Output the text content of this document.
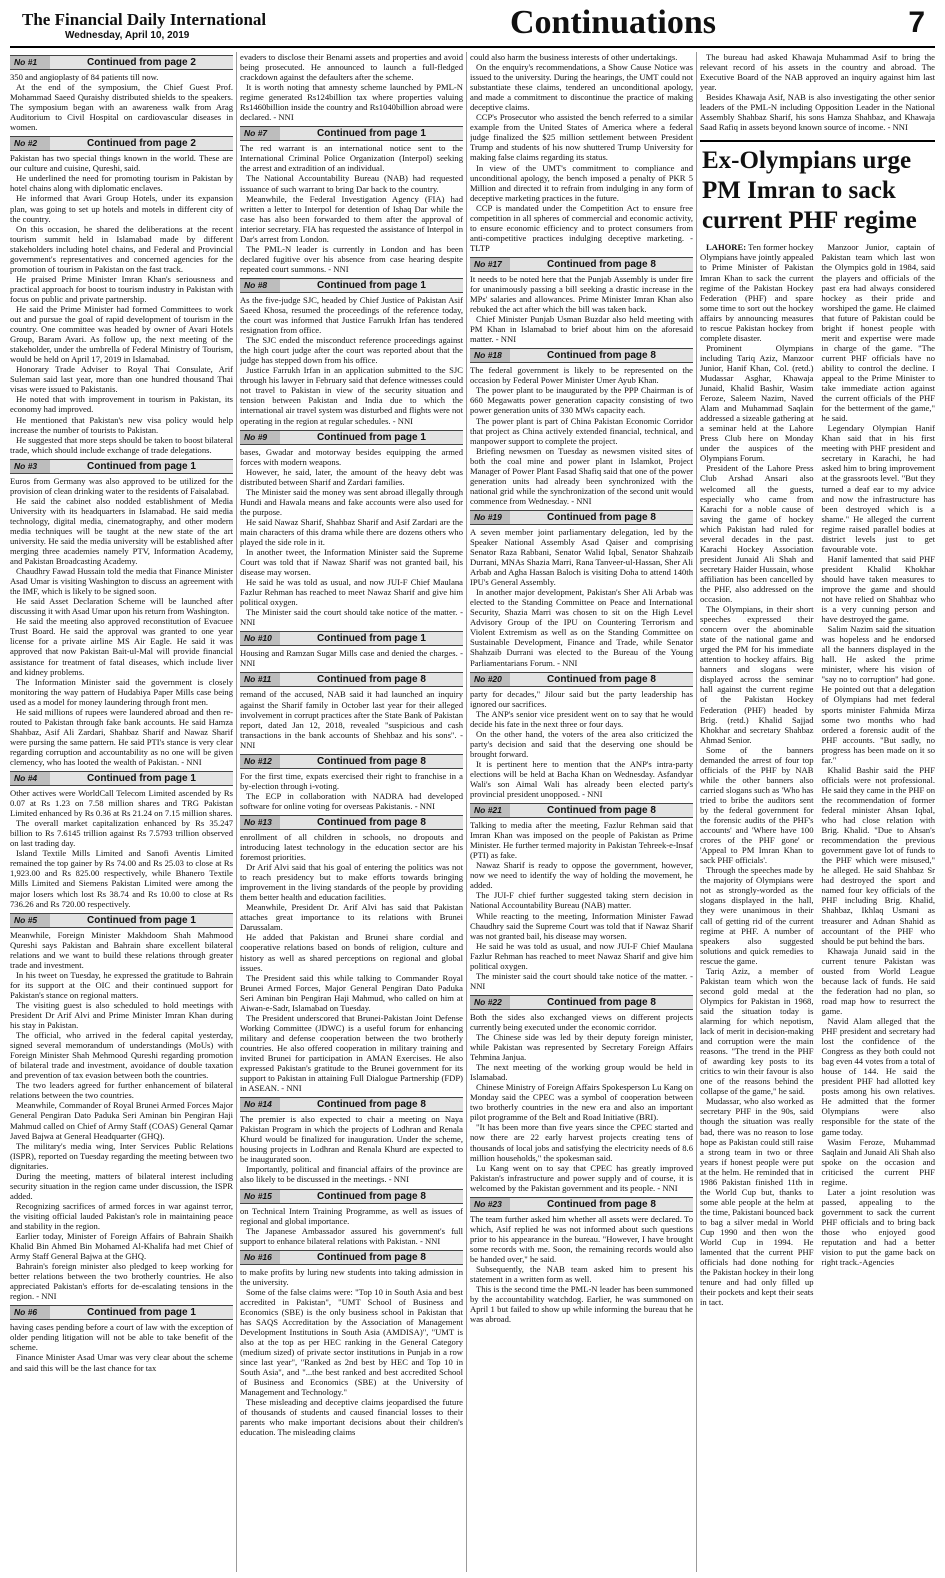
The Financial Daily International
Wednesday, April 10, 2019	Continuations	7
No #1	Continued from page 2

350 and angioplasty of 84 patients till now.

At the end of the symposium, the Chief Guest Prof. Mohammad Saeed Quraishy distributed shields to the speakers. The symposium began with an awareness walk from Arag Auditorium to Civil Hospital on cardiovascular diseases in women.

No #2	Continued from page 2

Pakistan has two special things known in the world. These are our culture and cuisine, Qureshi, said.

He underlined the need for promoting tourism in Pakistan by hotel chains along with diplomatic enclaves.

He informed that Avari Group Hotels, under its expansion plan, was going to set up hotels and motels in different city of the country.

On this occasion, he shared the deliberations at the recent tourism summit held in Islamabad made by different stakeholders including hotel chains, and Federal and Provincial government's representatives and concerned agencies for the promotion of tourism in Pakistan on the fast track.

He praised Prime Minister Imran Khan's seriousness and practical approach for boost to tourism industry in Pakistan with focus on public and private partnership.

He said the Prime Minister had formed Committees to work out and pursue the goal of rapid development of tourism in the country. One committee was headed by owner of Avari Hotels Group, Baram Avari. As follow up, the next meeting of the stakeholder, under the umbrella of Federal Ministry of Tourism, would be held on April 17, 2019 in Islamabad.

Honorary Trade Adviser to Royal Thai Consulate, Arif Suleman said last year, more than one hundred thousand Thai visas were issued to Pakistanis.

He noted that with improvement in tourism in Pakistan, its economy had improved.

He mentioned that Pakistan's new visa policy would help increase the number of tourists to Pakistan.

He suggested that more steps should be taken to boost bilateral trade, which should include exchange of trade delegations.

No #3	Continued from page 1

Euros from Germany was also approved to be utilized for the provision of clean drinking water to the residents of Faisalabad.

He said the cabinet also nodded establishment of Media University with its headquarters in Islamabad. He said media technology, digital media, cinematography, and other modern media techniques will be taught at the new state of the art university. He said the media university will be established after merging three academies namely PTV, Information Academy, and Pakistan Broadcasting Academy.

Chaudhry Fawad Hussain told the media that Finance Minister Asad Umar is visiting Washington to discuss an agreement with the IMF, which is likely to be signed soon.

He said Asset Declaration Scheme will be launched after discussing it with Asad Umar upon his return from Washington.

He said the meeting also approved reconstitution of Evacuee Trust Board. He said the approval was granted to one year license for a private airline MS Air Eagle. He said it was approved that now Pakistan Bait-ul-Mal will provide financial assistance for treatment of fatal diseases, which include liver and kidney problems.

The Information Minister said the government is closely monitoring the way pattern of Hudabiya Paper Mills case being used as a model for money laundering through front men.

He said millions of rupees were laundered abroad and then re-routed to Pakistan through fake bank accounts. He said Hamza Shahbaz, Asif Ali Zardari, Shahbaz Sharif and Nawaz Sharif were pursing the same pattern. He said PTI's stance is very clear regarding corruption and accountability as no one will be given clemency, who has looted the wealth of Pakistan. - NNI

No #4	Continued from page 1

Other actives were WorldCall Telecom Limited ascended by Rs 0.07 at Rs 1.23 on 7.58 million shares and TRG Pakistan Limited enhanced by Rs 0.36 at Rs 21.24 on 7.15 million shares.

The overall market capitalization enhanced by Rs 35.247 billion to Rs 7.6145 trillion against Rs 7.5793 trillion observed on last trading day.

Island Textile Mills Limited and Sanofi Aventis Limited remained the top gainer by Rs 74.00 and Rs 25.03 to close at Rs 1,923.00 and Rs 825.00 respectively, while Bhanero Textile Mills Limited and Siemens Pakistan Limited were among the major losers which lost Rs 38.74 and Rs 10.00 to close at Rs 736.26 and Rs 720.00 respectively.

No #5	Continued from page 1

Meanwhile, Foreign Minister Makhdoom Shah Mahmood Qureshi says Pakistan and Bahrain share excellent bilateral relations and we want to build these relations through greater trade and investment.

In his tweet on Tuesday, he expressed the gratitude to Bahrain for its support at the OIC and their continued support for Pakistan's stance on regional matters.

The visiting guest is also scheduled to hold meetings with President Dr Arif Alvi and Prime Minister Imran Khan during his stay in Pakistan.

The official, who arrived in the federal capital yesterday, signed several memorandum of understandings (MoUs) with Foreign Minister Shah Mehmood Qureshi regarding promotion of bilateral trade and investment, avoidance of double taxation and prevention of tax evasion between both the countries.

The two leaders agreed for further enhancement of bilateral relations between the two countries.

Meanwhile, Commander of Royal Brunei Armed Forces Major General Pengiran Dato Paduka Seri Aminan bin Pengiran Haji Mahmud called on Chief of Army Staff (COAS) General Qamar Javed Bajwa at General Headquarter (GHQ).

The military's media wing, Inter Services Public Relations (ISPR), reported on Tuesday regarding the meeting between two dignitaries.

During the meeting, matters of bilateral interest including security situation in the region came under discussion, the ISPR added.

Recognizing sacrifices of armed forces in war against terror, the visiting official lauded Pakistan's role in maintaining peace and stability in the region.

Earlier today, Minister of Foreign Affairs of Bahrain Shaikh Khalid Bin Ahmed Bin Mohamed Al-Khalifa had met Chief of Army Staff General Bajwa at the GHQ.

Bahrain's foreign minister also pledged to keep working for better relations between the two brotherly countries. He also appreciated Pakistan's efforts for de-escalating tensions in the region. - NNI

No #6	Continued from page 1

having cases pending before a court of law with the exception of older pending litigation will not be able to take benefit of the scheme.

Finance Minister Asad Umar was very clear about the scheme and said this will be the last chance for tax

evaders to disclose their Benami assets and properties and avoid being prosecuted. He announced to launch a full-fledged crackdown against the defaulters after the scheme.

It is worth noting that amnesty scheme launched by PML-N regime generated Rs124billion tax where properties valuing Rs1460billion inside the country and Rs1040billion abroad were declared. - NNI

No #7	Continued from page 1

The red warrant is an international notice sent to the International Criminal Police Organization (Interpol) seeking the arrest and extradition of an individual.

The National Accountability Bureau (NAB) had requested issuance of such warrant to bring Dar back to the country.

Meanwhile, the Federal Investigation Agency (FIA) had written a letter to Interpol for detention of Ishaq Dar while the case has also been forwarded to them after the approval of interior secretary. FIA has requested the assistance of Interpol in Dar's arrest from London.

The PML-N leader is currently in London and has been declared fugitive over his absence from case hearing despite repeated court summons. - NNI

No #8	Continued from page 1

As the five-judge SJC, headed by Chief Justice of Pakistan Asif Saeed Khosa, resumed the proceedings of the reference today, the court was informed that Justice Farrukh Irfan has tendered resignation from office.

The SJC ended the misconduct reference proceedings against the high court judge after the court was reported about that the judge has stepped down from his office.

Justice Farrukh Irfan in an application submitted to the SJC through his lawyer in February said that defence witnesses could not travel to Pakistan in view of the security situation and tension between Pakistan and India due to which the international air travel system was disturbed and flights were not operating in the region at regular schedules. - NNI

No #9	Continued from page 1

bases, Gwadar and motorway besides equipping the armed forces with modern weapons.

However, he said, later, the amount of the heavy debt was distributed between Sharif and Zardari families.

The Minister said the money was sent abroad illegally through Hundi and Hawala means and fake accounts were also used for the purpose.

He said Nawaz Sharif, Shahbaz Sharif and Asif Zardari are the main characters of this drama while there are dozens others who played the side role in it.

In another tweet, the Information Minister said the Supreme Court was told that if Nawaz Sharif was not granted bail, his disease may worsen.

He said he was told as usual, and now JUI-F Chief Maulana Fazlur Rehman has reached to meet Nawaz Sharif and give him political oxygen.

The Minister said the court should take notice of the matter. - NNI

No #10	Continued from page 1

Housing and Ramzan Sugar Mills case and denied the charges. - NNI

No #11	Continued from page 8

remand of the accused, NAB said it had launched an inquiry against the Sharif family in October last year for their alleged involvement in corrupt practices after the State Bank of Pakistan report, dated Jan 12, 2018, revealed "suspicious and cash transactions in the bank accounts of Shehbaz and his sons". - NNI

No #12	Continued from page 8

For the first time, expats exercised their right to franchise in a by-election through i-voting.

The ECP in collaboration with NADRA had developed software for online voting for overseas Pakistanis. - NNI

No #13	Continued from page 8

enrollment of all children in schools, no dropouts and introducing latest technology in the education sector are his foremost priorities.

Dr Arif Alvi said that his goal of entering the politics was not to reach presidency but to make efforts towards bringing improvement in the living standards of the people by providing them better health and education facilities.

Meanwhile, President Dr. Arif Alvi has said that Pakistan attaches great importance to its relations with Brunei Darussalam.

He added that Pakistan and Brunei share cordial and cooperative relations based on bonds of religion, culture and history as well as shared perceptions on regional and global issues.

The President said this while talking to Commander Royal Brunei Armed Forces, Major General Pengiran Dato Paduka Seri Aminan bin Pengiran Haji Mahmud, who called on him at Aiwan-e-Sadr, Islamabad on Tuesday.

The President underscored that Brunei-Pakistan Joint Defense Working Committee (JDWC) is a useful forum for enhancing military and defense cooperation between the two brotherly countries. He also offered cooperation in military training and invited Brunei for participation in AMAN Exercises. He also expressed Pakistan's gratitude to the Brunei government for its support to Pakistan in attaining Full Dialogue Partnership (FDP) in ASEAN. - NNI

No #14	Continued from page 8

The premier is also expected to chair a meeting on Naya Pakistan Program in which the projects of Lodhran and Renala Khurd would be finalized for inauguration. Under the scheme, housing projects in Lodhran and Renala Khurd are expected to be inaugurated soon.

Importantly, political and financial affairs of the province are also likely to be discussed in the meetings. - NNI

No #15	Continued from page 8

on Technical Intern Training Programme, as well as issues of regional and global importance.

The Japanese Ambassador assured his government's full support to enhance bilateral relations with Pakistan. - NNI

No #16	Continued from page 8

to make profits by luring new students into taking admission in the university.

Some of the false claims were: "Top 10 in South Asia and best accredited in Pakistan", "UMT School of Business and Economics (SBE) is the only business school in Pakistan that has SAQS Accreditation by the Association of Management Development Institutions in South Asia (AMDISA)", "UMT is also at the top as per HEC ranking in the General Category (medium sized) of private sector institutions in Punjab in a row since last year", "Ranked as 2nd best by HEC and Top 10 in South Asia", and "...the best ranked and best accredited School of Business and Economics (SBE) at the University of Management and Technology."

These misleading and deceptive claims jeopardised the future of thousands of students and caused financial losses to their parents who make important decisions about their children's education. The misleading claims

could also harm the business interests of other undertakings.

On the enquiry's recommendations, a Show Cause Notice was issued to the university. During the hearings, the UMT could not substantiate these claims, tendered an unconditional apology, and made a commitment to discontinue the practice of making deceptive claims.

CCP's Prosecutor who assisted the bench referred to a similar example from the United States of America where a federal judge finalized the $25 million settlement between President Trump and students of his now shuttered Trump University for making false claims regarding its status.

In view of the UMT's commitment to compliance and unconditional apology, the bench imposed a penalty of PKR 5 Million and directed it to refrain from indulging in any form of deceptive marketing practices in the future.

CCP is mandated under the Competition Act to ensure free competition in all spheres of commercial and economic activity, to ensure economic efficiency and to protect consumers from anti-competitive practices indulging deceptive marketing. - TLTP

No #17	Continued from page 8

It needs to be noted here that the Punjab Assembly is under fire for unanimously passing a bill seeking a drastic increase in the MPs' salaries and allowances. Prime Minister Imran Khan also rebuked the act after which the bill was taken back.

Chief Minister Punjab Usman Buzdar also held meeting with PM Khan in Islamabad to brief about him on the aforesaid matter. - NNI

No #18	Continued from page 8

The federal government is likely to be represented on the occasion by Federal Power Minister Umer Ayub Khan.

The power plant to be inaugurated by the PPP Chairman is of 660 Megawatts power generation capacity consisting of two power generation units of 330 MWs capacity each.

The power plant is part of China Pakistan Economic Corridor that project as China actively extended financial, technical, and manpower support to complete the project.

Briefing newsmen on Tuesday as newsmen visited sites of both the coal mine and power plant in Islamkot, Project Manager of Power Plant Fasad Shafiq said that one of the power generation units had already been synchronized with the national grid while the synchronization of the second unit would commence from Wednesday. - NNI

No #19	Continued from page 8

A seven member joint parliamentary delegation, led by the Speaker National Assembly Asad Qaiser and comprising Senator Raza Rabbani, Senator Walid Iqbal, Senator Shahzaib Durrani, MNAs Shazia Marri, Rana Tanveer-ul-Hassan, Sher Ali Arbab and Agha Hassan Baloch is visiting Doha to attend 140th IPU's General Assembly.

In another major development, Pakistan's Sher Ali Arbab was elected to the Standing Committee on Peace and International Security, Shazia Marri was chosen to sit on the High Level Advisory Group of the IPU on Countering Terrorism and Violent Extremism as well as on the Standing Committee on Sustainable Development, Finance and Trade, while Senator Shahzaib Durrani was elected to the Bureau of the Young Parliamentarians Forum. - NNI

No #20	Continued from page 8

party for decades," Jilour said but the party leadership has ignored our sacrifices.

The ANP's senior vice president went on to say that he would decide his fate in the next three or four days.

On the other hand, the voters of the area also criticized the party's decision and said that the deserving one should be brought forward.

It is pertinent here to mention that the ANP's intra-party elections will be held at Bacha Khan on Wednesday. Asfandyar Wali's son Aimal Wali has already been elected party's provincial president unopposed. - NNI

No #21	Continued from page 8

Talking to media after the meeting, Fazlur Rehman said that Imran Khan was imposed on the people of Pakistan as Prime Minister. He further termed majority in Pakistan Tehreek-e-Insaf (PTI) as fake.

Nawaz Sharif is ready to oppose the government, however, now we need to identify the way of holding the movement, he added.

The JUI-F chief further suggested taking stern decision in National Accountability Bureau (NAB) matter.

While reacting to the meeting, Information Minister Fawad Chaudhry said the Supreme Court was told that if Nawaz Sharif was not granted bail, his disease may worsen.

He said he was told as usual, and now JUI-F Chief Maulana Fazlur Rehman has reached to meet Nawaz Sharif and give him political oxygen.

The minister said the court should take notice of the matter. - NNI

No #22	Continued from page 8

Both the sides also exchanged views on different projects currently being executed under the economic corridor.

The Chinese side was led by their deputy foreign minister, while Pakistan was represented by Secretary Foreign Affairs Tehmina Janjua.

The next meeting of the working group would be held in Islamabad.

Chinese Ministry of Foreign Affairs Spokesperson Lu Kang on Monday said the CPEC was a symbol of cooperation between two brotherly countries in the new era and also an important pilot programme of the Belt and Road Initiative (BRI).

"It has been more than five years since the CPEC started and now there are 22 early harvest projects creating tens of thousands of local jobs and satisfying the electricity needs of 8.6 million households," the spokesman said.

Lu Kang went on to say that CPEC has greatly improved Pakistan's infrastructure and power supply and of course, it is welcomed by the Pakistan government and its people. - NNI

No #23	Continued from page 8

The team further asked him whether all assets were declared. To which, Asif replied he was not informed about such questions prior to his appearance in the bureau. "However, I have brought some records with me. Soon, the remaining records would also be handed over," he said.

Subsequently, the NAB team asked him to present his statement in a written form as well.

This is the second time the PML-N leader has been summoned by the accountability watchdog. Earlier, he was summoned on April 1 but failed to show up while informing the bureau that he was abroad.

The bureau had asked Khawaja Muhammad Asif to bring the relevant record of his assets in the country and abroad. The Executive Board of the NAB approved an inquiry against him last year.

Besides Khawaja Asif, NAB is also investigating the other senior leaders of the PML-N including Opposition Leader in the National Assembly Shahbaz Sharif, his sons Hamza Shahbaz, and Khawaja Saad Rafiq in assets beyond known source of income. - NNI

Ex-Olympians urge PM Imran to sack current PHF regime

LAHORE: Ten former hockey Olympians have jointly appealed to Prime Minister of Pakistan Imran Khan to sack the current regime of the Pakistan Hockey Federation (PHF) and spare some time to sort out the hockey affairs by announcing measures to rescue Pakistan hockey from complete disaster.

Prominent Olympians including Tariq Aziz, Manzoor Junior, Hanif Khan, Col. (retd.) Mudassar Asghar, Khawaja Junaid, Khalid Bashir, Wasim Feroze, Saleem Nazim, Naved Alam and Muhammad Saqlain addressed a sizeable gathering at a seminar held at the Lahore Press Club here on Monday under the auspices of the Olympians Forum.

President of the Lahore Press Club Arshad Ansari also welcomed all the guests, especially who came from Karachi for a noble cause of saving the game of hockey which Pakistan had ruled for several decades in the past. Karachi Hockey Association president Junaid Ali Shah and secretary Haider Hussain, whose affiliation has been cancelled by the PHF, also addressed on the occasion.

The Olympians, in their short speeches expressed their concern over the abominable state of the national game and urged the PM for his immediate attention to hockey affairs. Big banners and slogans were displayed across the seminar hall against the current regime of the Pakistan Hockey Federation (PHF) headed by Brig. (retd.) Khalid Sajjad Khokhar and secretary Shahbaz Ahmad Senior.

Some of the banners demanded the arrest of four top officials of the PHF by NAB while the other banners also carried slogans such as 'Who has tried to bribe the auditors sent by the federal government for the forensic audits of the PHF's accounts' and 'Where have 100 crores of the PHF gone' or 'Appeal to PM Imran Khan to sack PHF officials'.

Through the speeches made by the majority of Olympians were not as strongly-worded as the slogans displayed in the hall, they were unanimous in their call of getting rid of the current regime at PHF. A number of speakers also suggested solutions and quick remedies to rescue the game.

Tariq Aziz, a member of Pakistan team which won the second gold medal at the Olympics for Pakistan in 1968, said the situation today is alarming for which nepotism, lack of merit in decision-making and corruption were the main reasons. "The trend in the PHF of awarding key posts to its critics to win their favour is also one of the reasons behind the collapse of the game," he said.

Mudassar, who also worked as secretary PHF in the 90s, said though the situation was really bad, there was no reason to lose hope as Pakistan could still raise a strong team in two or three years if honest people were put at the helm. He reminded that in 1986 Pakistan finished 11th in the World Cup but, thanks to some able people at the helm at the time, Pakistani bounced back to bag a silver medal in World Cup 1990 and then won the World Cup in 1994. He lamented that the current PHF officials had done nothing for the Pakistan hockey in their long tenure and had only filled up their pockets and kept their seats in tact.

Manzoor Junior, captain of Pakistan team which last won the Olympics gold in 1984, said the players and officials of the past era had always considered hockey as their pride and worshiped the game. He claimed that future of Pakistan could be bright if honest people with merit and expertise were made in charge of the game. "The current PHF officials have no ability to control the decline. I appeal to the Prime Minister to take immediate action against the current officials of the PHF for the betterment of the game," he said.

Legendary Olympian Hanif Khan said that in his first meeting with PHF president and secretary in Karachi, he had asked him to bring improvement at the grassroots level. "But they turned a deaf ear to my advice and now the infrastructure has been destroyed which is a shame." He alleged the current regime raised parallel bodies at district levels just to get favourable vote.

Hanif lamented that said PHF president Khalid Khokhar should have taken measures to improve the game and should not have relied on Shahbaz who is a very cunning person and have destroyed the game.

Salim Nazim said the situation was hopeless and he endorsed all the banners displayed in the hall. He asked the prime minister, where his vision of "say no to corruption" had gone. He pointed out that a delegation of Olympians had met federal sports minister Fahmida Mirza some two months who had ordered a forensic audit of the PHF accounts. "But sadly, no progress has been made on it so far."

Khalid Bashir said the PHF officials were not professional. He said they came in the PHF on the recommendation of former federal minister Ahsan Iqbal, who had close relation with Brig. Khalid. "Due to Ahsan's recommendation the previous government gave lot of funds to the PHF which were misused," he alleged. He said Shahbaz Sr had destroyed the sport and named four key officials of the PHF including Brig. Khalid, Shahbaz, Ikhlaq Usmani as treasurer and Adnan Shahid as accountant of the PHF who should be put behind the bars.

Khawaja Junaid said in the current tenure Pakistan was ousted from World League because lack of funds. He said the federation had no plan, so road map how to resurrect the game.

Navid Alam alleged that the PHF president and secretary had lost the confidence of the Congress as they both could not bag even 44 votes from a total of house of 144. He said the president PHF had allotted key posts among his own relatives. He admitted that the former Olympians were also responsible for the state of the game today.

Wasim Feroze, Muhammad Saqlain and Junaid Ali Shah also spoke on the occasion and criticised the current PHF regime.

Later a joint resolution was passed, appealing to the government to sack the current PHF officials and to bring back those who enjoyed good reputation and had a better vision to put the game back on right track.-Agencies
